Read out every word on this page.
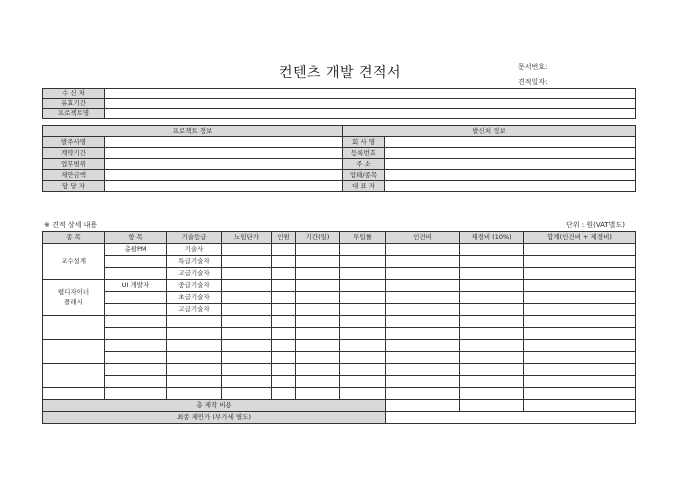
컨텐츠 개발 견적서	문서번호:
견적일자:
수 신 처	
유효기간	
프로젝트명	
프로젝트 정보		발신처 정보	
발주사명		회 사 명	
계약기간		등록번호	
업무범위		주 소	
제안금액		업태/종목	
담 당 자		대 표 자	
※ 견적 상세 내용	단위 : 원(VAT별도)
종 목	항 목	기술등급	노임단가	인원	기간(일)	투입률	인건비	제경비 (10%)	합계(인건비 + 제경비)
교수설계	총괄PM	기술사							
		특급기술자							
		고급기술자							
웹디자이너
플래시	UI 개발자	중급기술자							
		초급기술자							
		고급기술자							

총 제작 비용									
최종 제안가 (부가세 별도)									
